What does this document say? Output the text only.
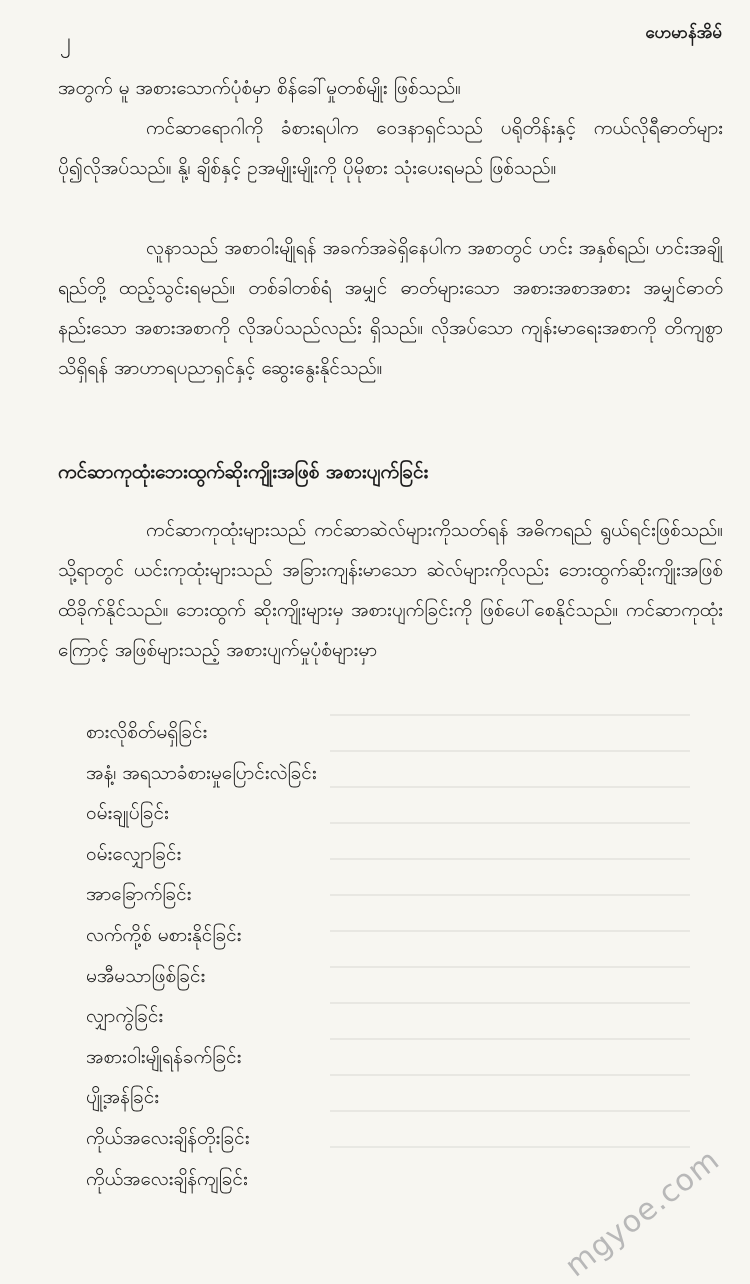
၂	ဟေမာန်အိမ်

အတွက် မူ အစားသောက်ပုံစံမှာ စိန်ခေါ်မှုတစ်မျိုး ဖြစ်သည်။

ကင်ဆာရောဂါကို ခံစားရပါက ဝေဒနာရှင်သည် ပရိုတိန်းနှင့် ကယ်လိုရီဓာတ်များ ပို၍လိုအပ်သည်။ နို့၊ ချိစ်နှင့် ဥအမျိုးမျိုးကို ပိုမိုစား သုံးပေးရမည် ဖြစ်သည်။

လူနာသည် အစာဝါးမျိုရန် အခက်အခဲရှိနေပါက အစာတွင် ဟင်း အနှစ်ရည်၊ ဟင်းအချိုရည်တို့ ထည့်သွင်းရမည်။ တစ်ခါတစ်ရံ အမျှင် ဓာတ်များသော အစားအစာအစား အမျှင်ဓာတ်နည်းသော အစားအစာကို လိုအပ်သည်လည်း ရှိသည်။ လိုအပ်သော ကျန်းမာရေးအစာကို တိကျစွာ သိရှိရန် အာဟာရပညာရှင်နှင့် ဆွေးနွေးနိုင်သည်။

ကင်ဆာကုထုံးဘေးထွက်ဆိုးကျိုးအဖြစ် အစားပျက်ခြင်း

ကင်ဆာကုထုံးများသည် ကင်ဆာဆဲလ်များကိုသတ်ရန် အဓိကရည် ရွယ်ရင်းဖြစ်သည်။ သို့ရာတွင် ယင်းကုထုံးများသည် အခြားကျန်းမာသော ဆဲလ်များကိုလည်း ဘေးထွက်ဆိုးကျိုးအဖြစ် ထိခိုက်နိုင်သည်။ ဘေးထွက် ဆိုးကျိုးများမှ အစားပျက်ခြင်းကို ဖြစ်ပေါ်စေနိုင်သည်။ ကင်ဆာကုထုံး ကြောင့် အဖြစ်များသည့် အစားပျက်မှုပုံစံများမှာ

စားလိုစိတ်မရှိခြင်း
အနံ့၊ အရသာခံစားမှုပြောင်းလဲခြင်း
ဝမ်းချုပ်ခြင်း
ဝမ်းလျှောခြင်း
အာခြောက်ခြင်း
လက်ကို့စ် မစားနိုင်ခြင်း
မအီမသာဖြစ်ခြင်း
လျှာကွဲခြင်း
အစားဝါးမျိုရန်ခက်ခြင်း
ပျို့အန်ခြင်း
ကိုယ်အလေးချိန်တိုးခြင်း
ကိုယ်အလေးချိန်ကျခြင်း	mgyoe.com
